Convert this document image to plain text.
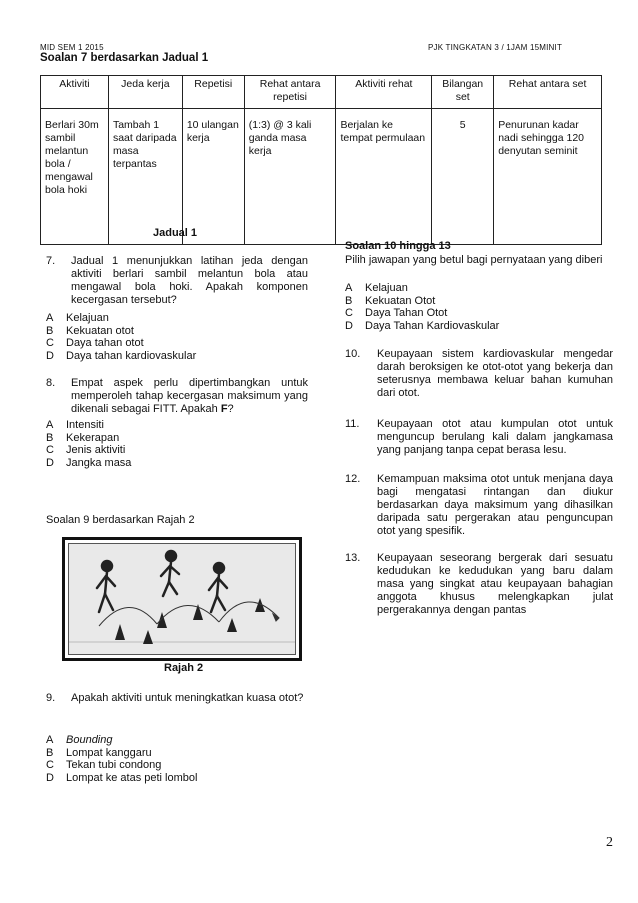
MID SEM 1 2015	PJK TINGKATAN 3 / 1JAM 15MINIT
Soalan 7 berdasarkan Jadual 1
Aktiviti	Jeda kerja	Repetisi	Rehat antara repetisi	Aktiviti rehat	Bilangan set	Rehat antara set
Berlari 30m sambil melantun bola / mengawal bola hoki	Tambah 1 saat daripada masa terpantas	10 ulangan kerja	(1:3) @ 3 kali ganda masa kerja	Berjalan ke tempat permulaan	5	Penurunan kadar nadi sehingga 120 denyutan seminit
Jadual 1
7.	Jadual 1 menunjukkan latihan jeda dengan aktiviti berlari sambil melantun bola atau mengawal bola hoki. Apakah komponen kecergasan tersebut?
A Kelajuan
B Kekuatan otot
C Daya tahan otot
D Daya tahan kardiovaskular
8.	Empat aspek perlu dipertimbangkan untuk memperoleh tahap kecergasan maksimum yang dikenali sebagai FITT. Apakah F?
A Intensiti
B Kekerapan
C Jenis aktiviti
D Jangka masa
Soalan 9 berdasarkan Rajah 2
Rajah 2
9.	Apakah aktiviti untuk meningkatkan kuasa otot?
A Bounding
B Lompat kanggaru
C Tekan tubi condong
D Lompat ke atas peti lombol
Soalan 10 hingga 13
Pilih jawapan yang betul bagi pernyataan yang diberi
A Kelajuan
B Kekuatan Otot
C Daya Tahan Otot
D Daya Tahan Kardiovaskular
10.	Keupayaan sistem kardiovaskular mengedar darah beroksigen ke otot-otot yang bekerja dan seterusnya membawa keluar bahan kumuhan dari otot.
11.	Keupayaan otot atau kumpulan otot untuk menguncup berulang kali dalam jangkamasa yang panjang tanpa cepat berasa lesu.
12.	Kemampuan maksima otot untuk menjana daya bagi mengatasi rintangan dan diukur berdasarkan daya maksimum yang dihasilkan daripada satu pergerakan atau penguncupan otot yang spesifik.
13.	Keupayaan seseorang bergerak dari sesuatu kedudukan ke kedudukan yang baru dalam masa yang singkat atau keupayaan bahagian anggota khusus melengkapkan julat pergerakannya dengan pantas
2
